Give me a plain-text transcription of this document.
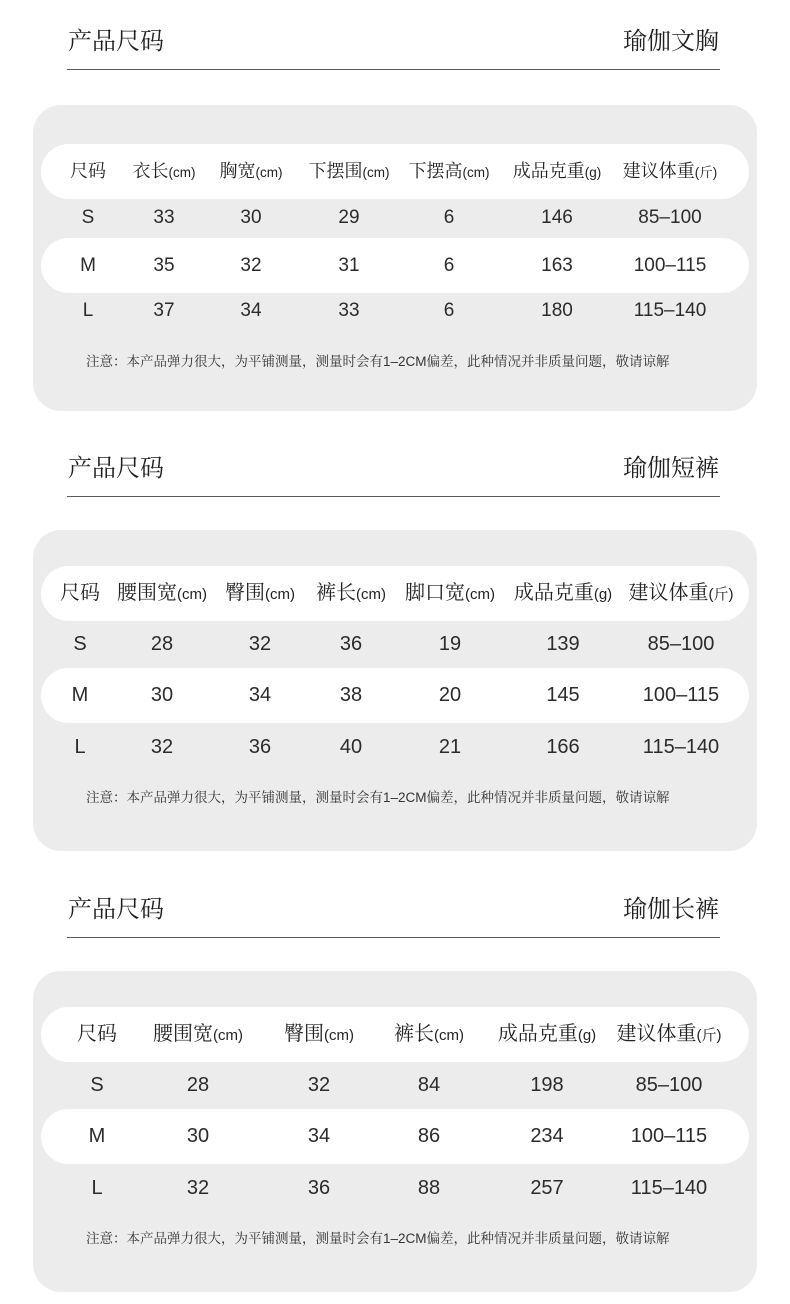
产品尺码	瑜伽文胸
尺码 衣长(cm) 胸宽(cm) 下摆围(cm) 下摆高(cm) 成品克重(g) 建议体重(斤)
S	33	30	29	6	146	85–100
M	35	32	31	6	163	100–115
L	37	34	33	6	180	115–140
注意：本产品弹力很大，为平铺测量，测量时会有1–2CM偏差，此种情况并非质量问题，敬请谅解
产品尺码	瑜伽短裤
尺码 腰围宽(cm) 臀围(cm) 裤长(cm) 脚口宽(cm) 成品克重(g) 建议体重(斤)
S	28	32	36	19	139	85–100
M	30	34	38	20	145	100–115
L	32	36	40	21	166	115–140
注意：本产品弹力很大，为平铺测量，测量时会有1–2CM偏差，此种情况并非质量问题，敬请谅解
产品尺码	瑜伽长裤
尺码 腰围宽(cm) 臀围(cm) 裤长(cm) 成品克重(g) 建议体重(斤)
S	28	32	84	198	85–100
M	30	34	86	234	100–115
L	32	36	88	257	115–140
注意：本产品弹力很大，为平铺测量，测量时会有1–2CM偏差，此种情况并非质量问题，敬请谅解
